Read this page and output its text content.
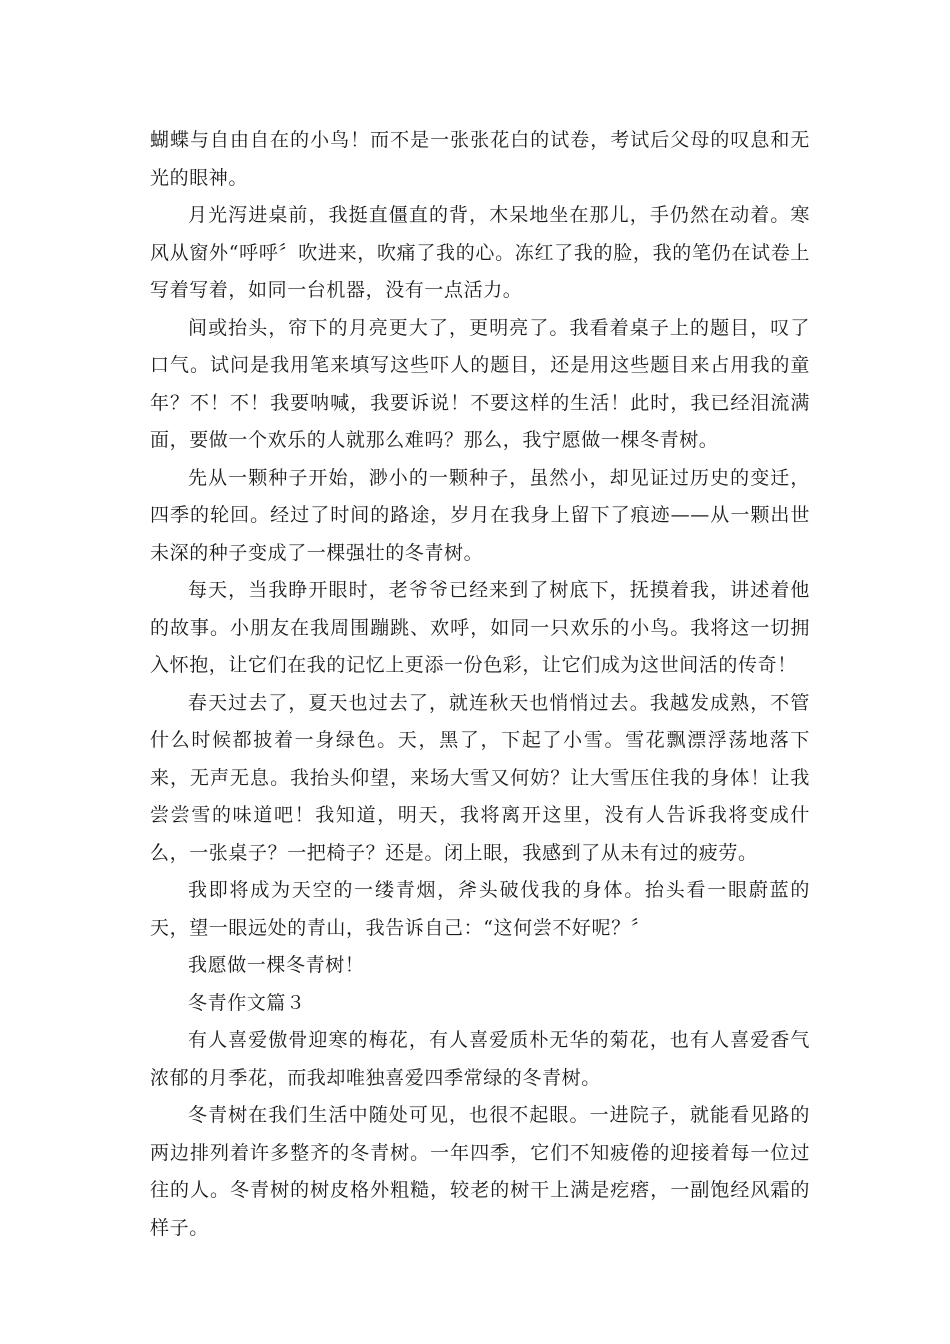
蝴蝶与自由自在的小鸟！而不是一张张花白的试卷，考试后父母的叹息和无光的眼神。

月光泻进桌前，我挺直僵直的背，木呆地坐在那儿，手仍然在动着。寒风从窗外“呼呼〞吹进来，吹痛了我的心。冻红了我的脸，我的笔仍在试卷上写着写着，如同一台机器，没有一点活力。

间或抬头，帘下的月亮更大了，更明亮了。我看着桌子上的题目，叹了口气。试问是我用笔来填写这些吓人的题目，还是用这些题目来占用我的童年？不！不！我要呐喊，我要诉说！不要这样的生活！此时，我已经泪流满面，要做一个欢乐的人就那么难吗？那么，我宁愿做一棵冬青树。

先从一颗种子开始，渺小的一颗种子，虽然小，却见证过历史的变迁，四季的轮回。经过了时间的路途，岁月在我身上留下了痕迹——从一颗出世未深的种子变成了一棵强壮的冬青树。

每天，当我睁开眼时，老爷爷已经来到了树底下，抚摸着我，讲述着他的故事。小朋友在我周围蹦跳、欢呼，如同一只欢乐的小鸟。我将这一切拥入怀抱，让它们在我的记忆上更添一份色彩，让它们成为这世间活的传奇！

春天过去了，夏天也过去了，就连秋天也悄悄过去。我越发成熟，不管什么时候都披着一身绿色。天，黑了，下起了小雪。雪花飘漂浮荡地落下来，无声无息。我抬头仰望，来场大雪又何妨？让大雪压住我的身体！让我尝尝雪的味道吧！我知道，明天，我将离开这里，没有人告诉我将变成什么，一张桌子？一把椅子？还是。闭上眼，我感到了从未有过的疲劳。

我即将成为天空的一缕青烟，斧头破伐我的身体。抬头看一眼蔚蓝的天，望一眼远处的青山，我告诉自己：“这何尝不好呢？〞

我愿做一棵冬青树！

冬青作文篇３

有人喜爱傲骨迎寒的梅花，有人喜爱质朴无华的菊花，也有人喜爱香气浓郁的月季花，而我却唯独喜爱四季常绿的冬青树。

冬青树在我们生活中随处可见，也很不起眼。一进院子，就能看见路的两边排列着许多整齐的冬青树。一年四季，它们不知疲倦的迎接着每一位过往的人。冬青树的树皮格外粗糙，较老的树干上满是疙瘩，一副饱经风霜的样子。
